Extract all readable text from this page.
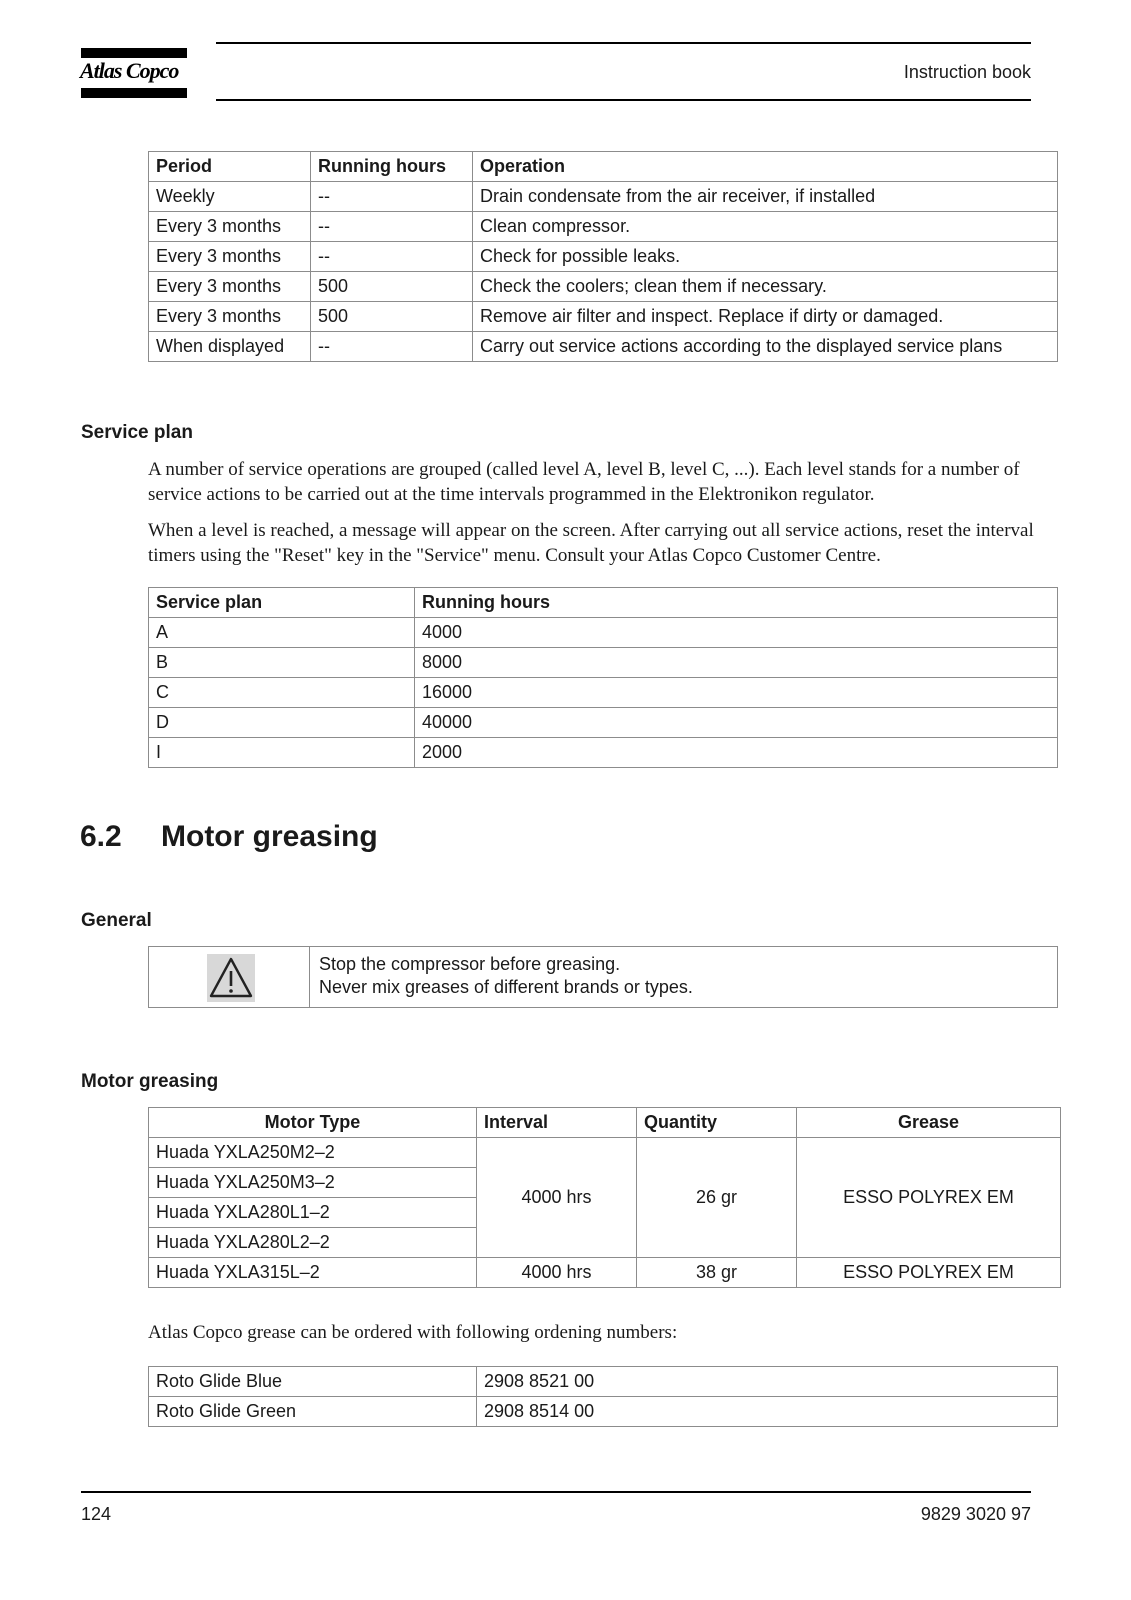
Atlas Copco	Instruction book
Period	Running hours	Operation
Weekly	--	Drain condensate from the air receiver, if installed
Every 3 months	--	Clean compressor.
Every 3 months	--	Check for possible leaks.
Every 3 months	500	Check the coolers; clean them if necessary.
Every 3 months	500	Remove air filter and inspect. Replace if dirty or damaged.
When displayed	--	Carry out service actions according to the displayed service plans
Service plan
A number of service operations are grouped (called level A, level B, level C, ...). Each level stands for a number of service actions to be carried out at the time intervals programmed in the Elektronikon regulator.
When a level is reached, a message will appear on the screen. After carrying out all service actions, reset the interval timers using the "Reset" key in the "Service" menu. Consult your Atlas Copco Customer Centre.
Service plan	Running hours
A	4000
B	8000
C	16000
D	40000
I	2000
6.2 Motor greasing
General
Stop the compressor before greasing.
Never mix greases of different brands or types.
Motor greasing
Motor Type	Interval	Quantity	Grease
Huada YXLA250M2–2	4000 hrs	26 gr	ESSO POLYREX EM
Huada YXLA250M3–2			
Huada YXLA280L1–2			
Huada YXLA280L2–2			
Huada YXLA315L–2	4000 hrs	38 gr	ESSO POLYREX EM
Atlas Copco grease can be ordered with following ordening numbers:
Roto Glide Blue	2908 8521 00
Roto Glide Green	2908 8514 00
124	9829 3020 97
